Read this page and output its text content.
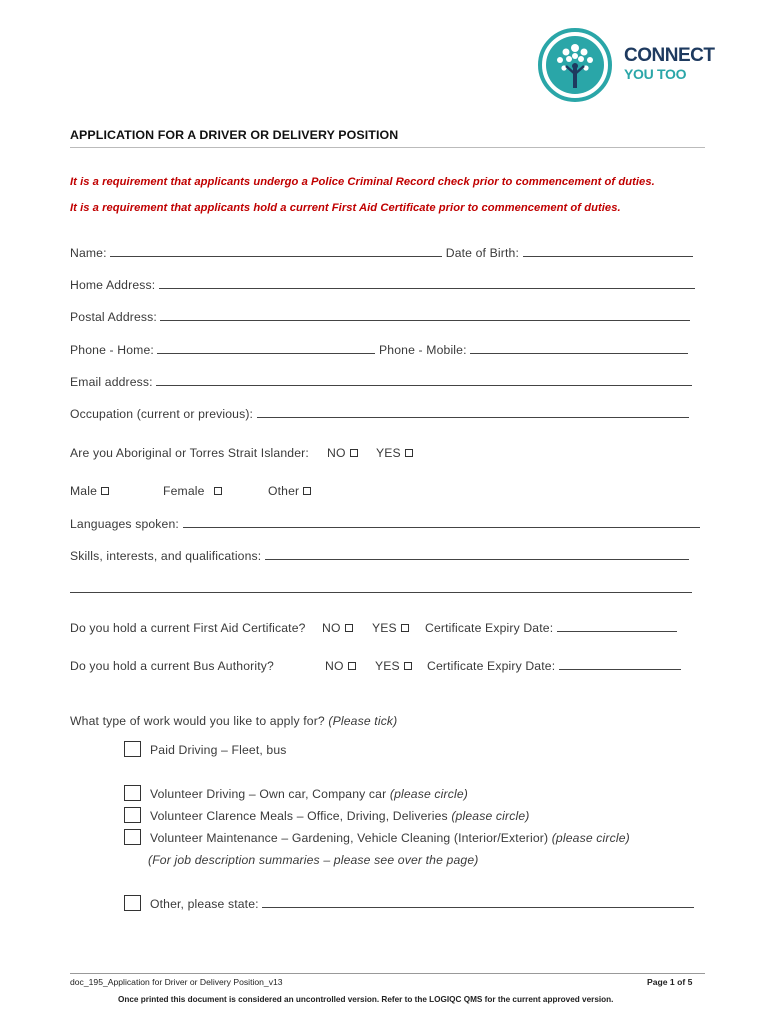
CONNECT
YOU TOO
APPLICATION FOR A DRIVER OR DELIVERY POSITION
It is a requirement that applicants undergo a Police Criminal Record check prior to commencement of duties.
It is a requirement that applicants hold a current First Aid Certificate prior to commencement of duties.
Name:	Date of Birth:
Home Address:
Postal Address:
Phone - Home:	Phone - Mobile:
Email address:
Occupation (current or previous):
Are you Aboriginal or Torres Strait Islander: NO	YES
Male	Female	Other
Languages spoken:
Skills, interests, and qualifications:
Do you hold a current First Aid Certificate? NO	YES	Certificate Expiry Date:
Do you hold a current Bus Authority?	NO	YES	Certificate Expiry Date:
What type of work would you like to apply for? (Please tick)
Paid Driving – Fleet, bus
Volunteer Driving – Own car, Company car (please circle)
Volunteer Clarence Meals – Office, Driving, Deliveries (please circle)
Volunteer Maintenance – Gardening, Vehicle Cleaning (Interior/Exterior) (please circle)
(For job description summaries – please see over the page)
Other, please state:
doc_195_Application for Driver or Delivery Position_v13	Page 1 of 5
Once printed this document is considered an uncontrolled version. Refer to the LOGIQC QMS for the current approved version.
